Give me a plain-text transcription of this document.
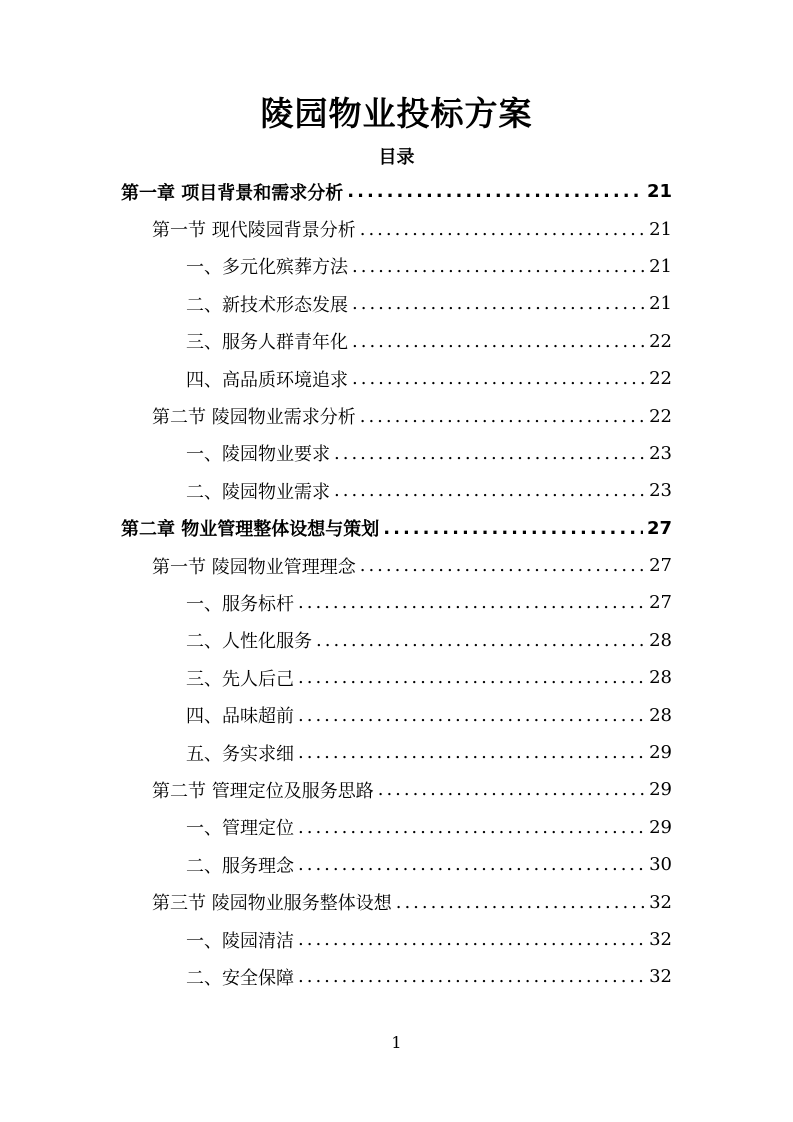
陵园物业投标方案
目录
第一章 项目背景和需求分析 .....	21
第一节 现代陵园背景分析 .....	21
一、多元化殡葬方法 .....	21
二、新技术形态发展 .....	21
三、服务人群青年化 .....	22
四、高品质环境追求 .....	22
第二节 陵园物业需求分析 .....	22
一、陵园物业要求 .....	23
二、陵园物业需求 .....	23
第二章 物业管理整体设想与策划 .....	27
第一节 陵园物业管理理念 .....	27
一、服务标杆 .....	27
二、人性化服务 .....	28
三、先人后己 .....	28
四、品味超前 .....	28
五、务实求细 .....	29
第二节 管理定位及服务思路 .....	29
一、管理定位 .....	29
二、服务理念 .....	30
第三节 陵园物业服务整体设想 .....	32
一、陵园清洁 .....	32
二、安全保障 .....	32
1
